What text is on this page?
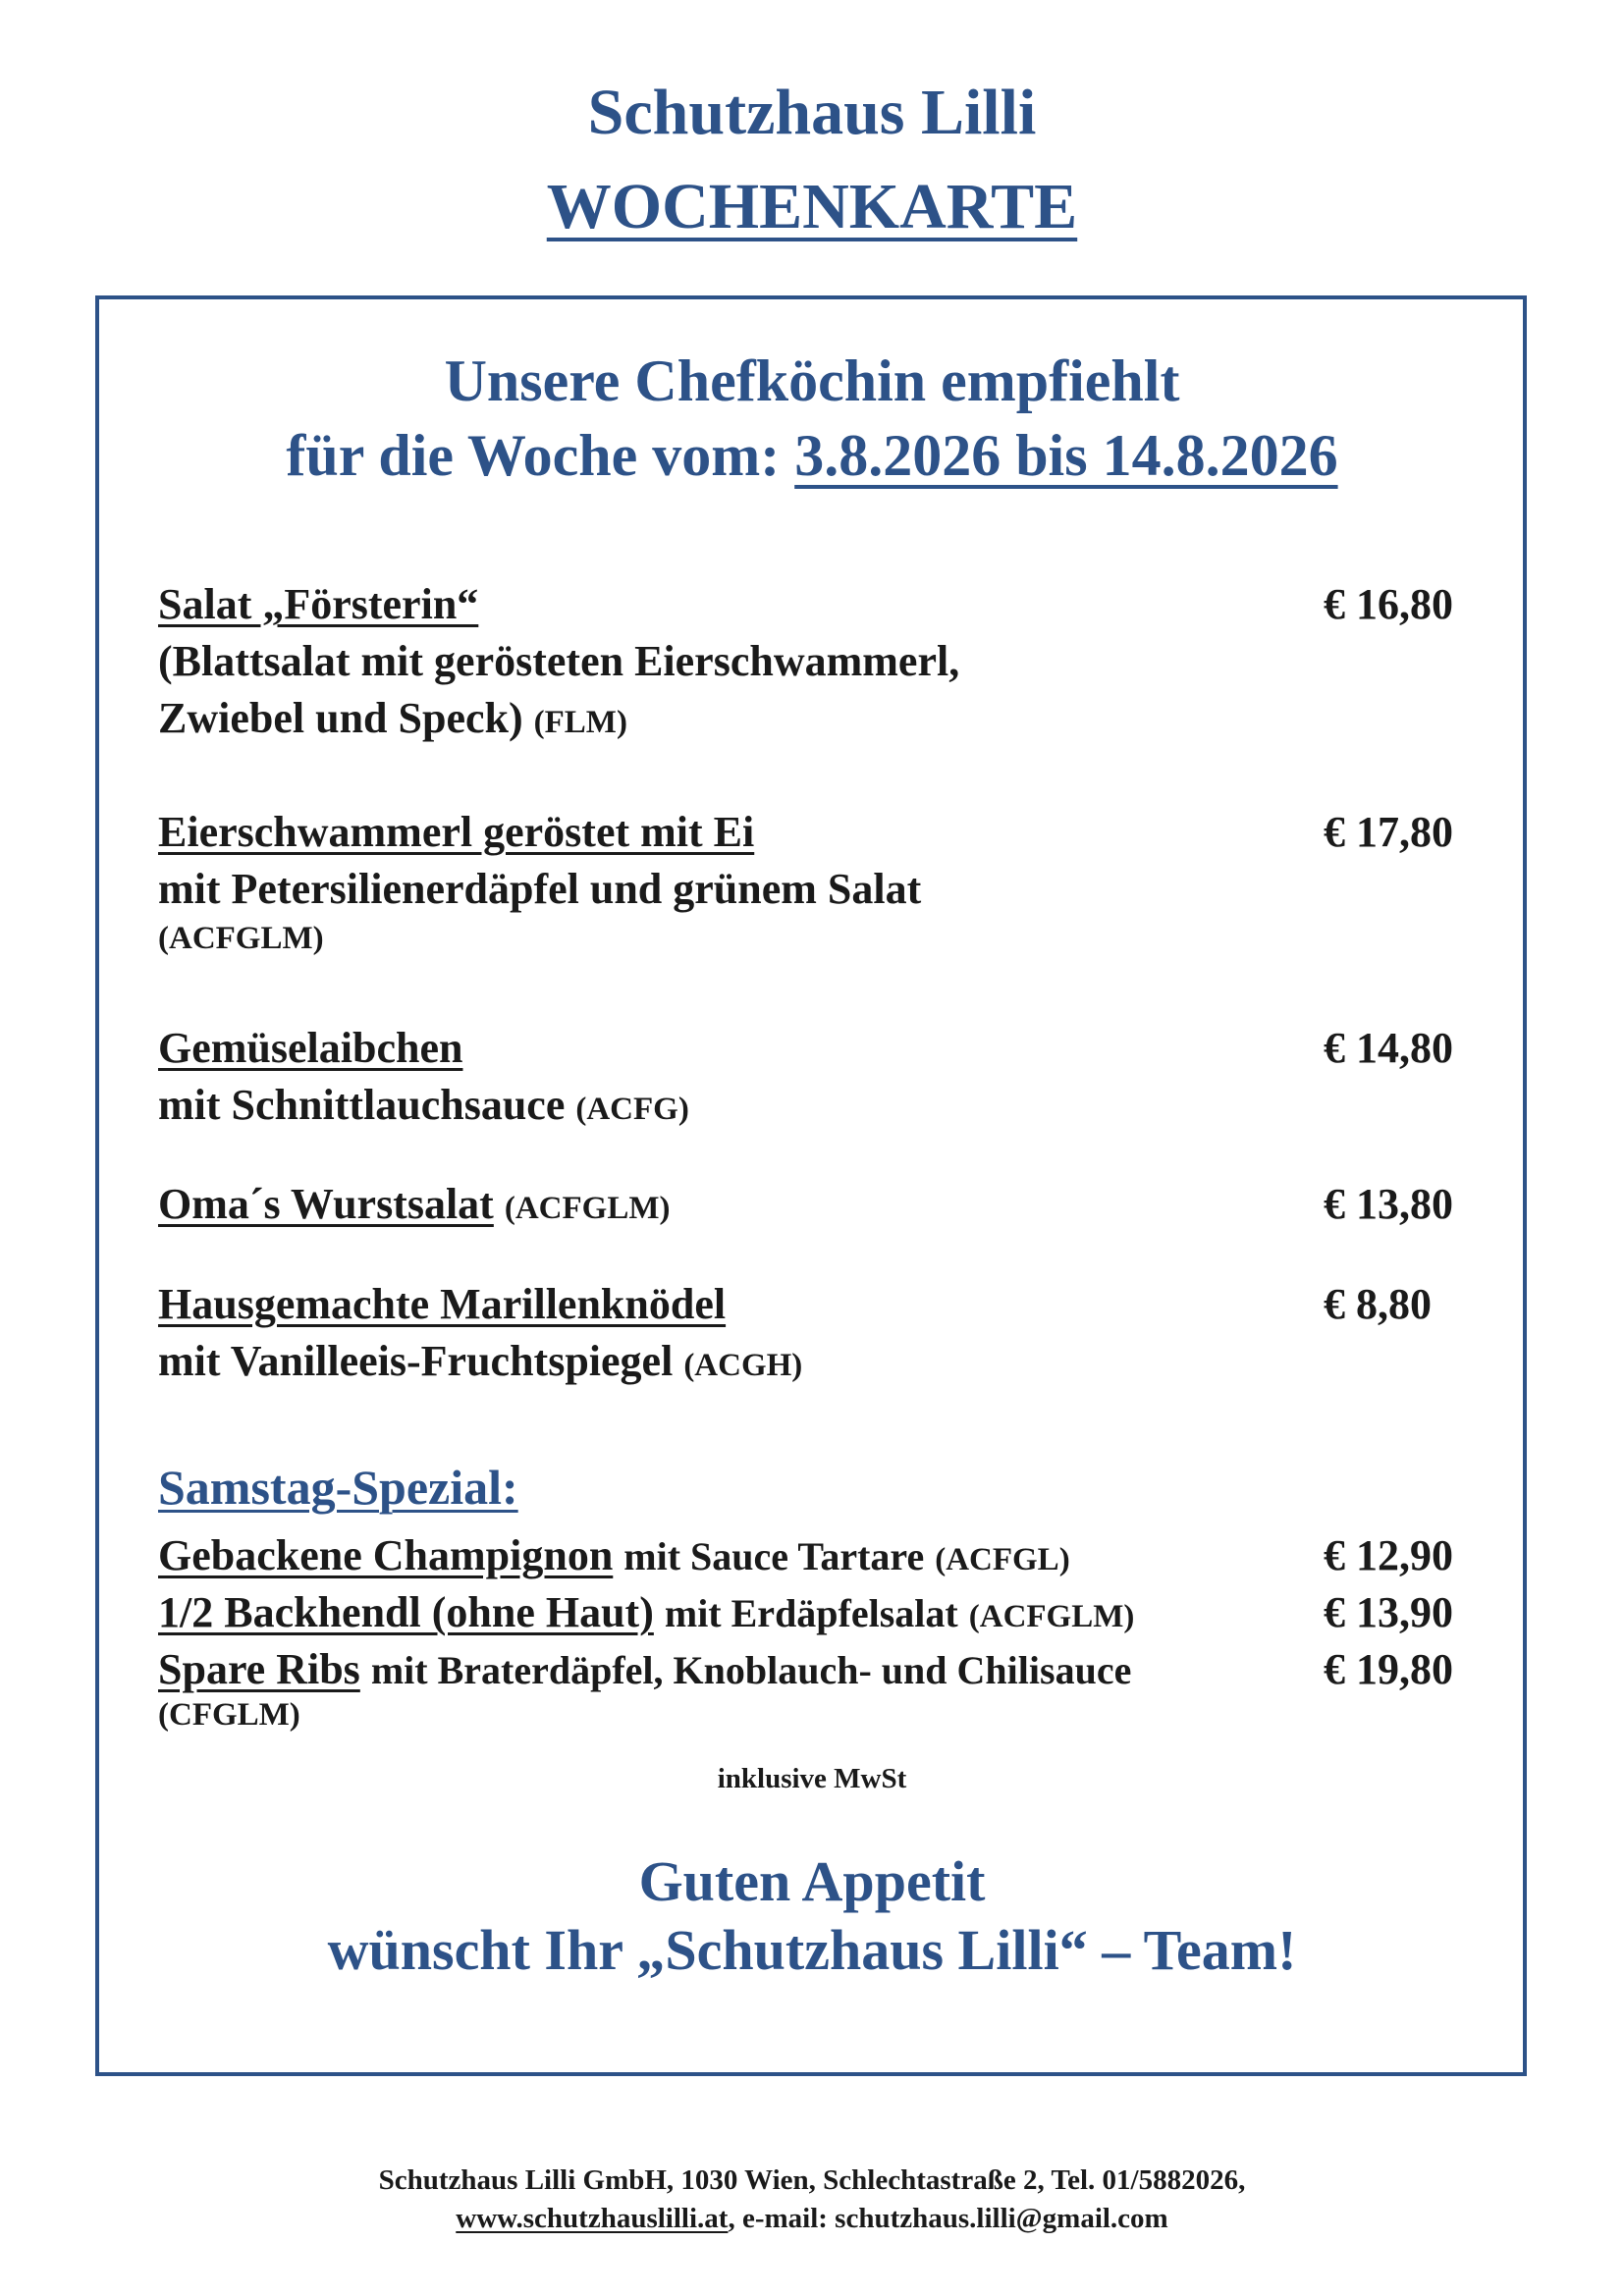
Schutzhaus Lilli
WOCHENKARTE
Unsere Chefköchin empfiehlt
für die Woche vom: 3.8.2026 bis 14.8.2026
Salat „Försterin“	€ 16,80
(Blattsalat mit gerösteten Eierschwammerl,
Zwiebel und Speck) (FLM)
Eierschwammerl geröstet mit Ei	€ 17,80
mit Petersilienerdäpfel und grünem Salat
(ACFGLM)
Gemüselaibchen	€ 14,80
mit Schnittlauchsauce (ACFG)
Oma´s Wurstsalat (ACFGLM)	€ 13,80
Hausgemachte Marillenknödel	€ 8,80
mit Vanilleeis-Fruchtspiegel (ACGH)
Samstag-Spezial:
Gebackene Champignon mit Sauce Tartare (ACFGL)	€ 12,90
1/2 Backhendl (ohne Haut) mit Erdäpfelsalat (ACFGLM)	€ 13,90
Spare Ribs mit Braterdäpfel, Knoblauch- und Chilisauce	€ 19,80
(CFGLM)
inklusive MwSt
Guten Appetit
wünscht Ihr „Schutzhaus Lilli“ – Team!
Schutzhaus Lilli GmbH, 1030 Wien, Schlechtastraße 2, Tel. 01/5882026,
www.schutzhauslilli.at, e-mail: schutzhaus.lilli@gmail.com
